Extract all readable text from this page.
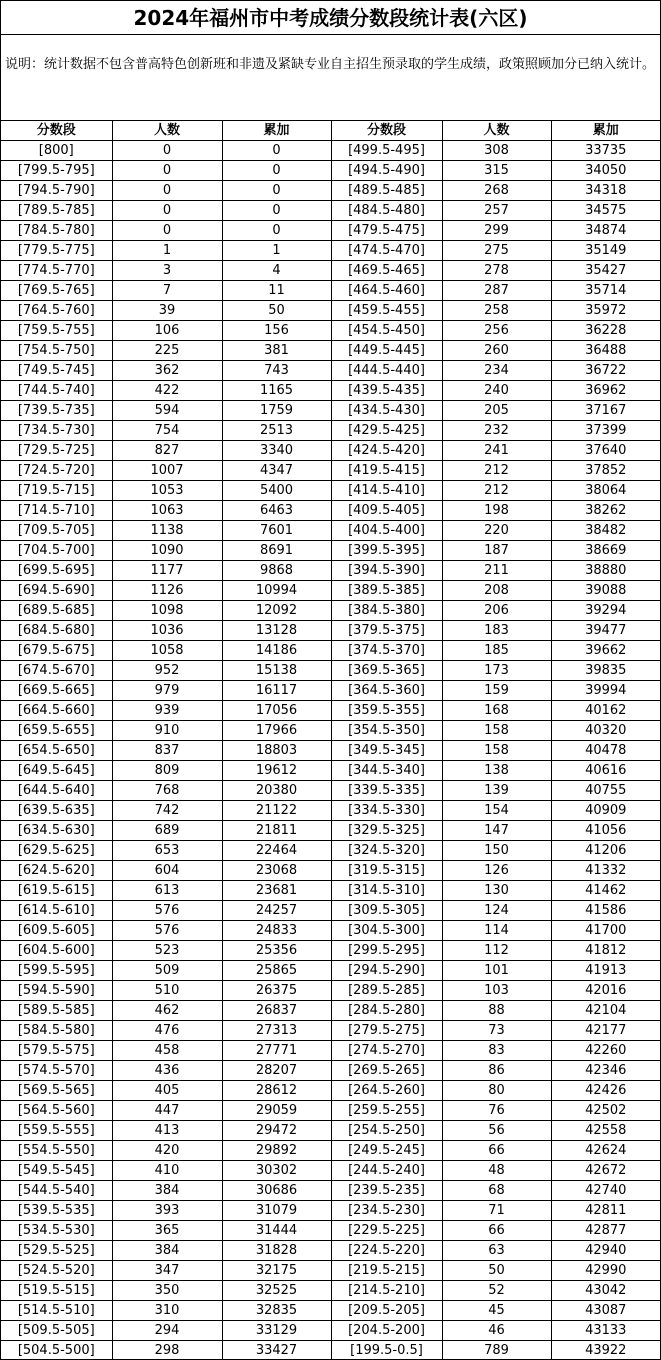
2024年福州市中考成绩分数段统计表(六区)
说明：统计数据不包含普高特色创新班和非遗及紧缺专业自主招生预录取的学生成绩，政策照顾加分已纳入统计。
分数段	人数	累加	分数段	人数	累加
[800]	0	0	[499.5-495]	308	33735
[799.5-795]	0	0	[494.5-490]	315	34050
[794.5-790]	0	0	[489.5-485]	268	34318
[789.5-785]	0	0	[484.5-480]	257	34575
[784.5-780]	0	0	[479.5-475]	299	34874
[779.5-775]	1	1	[474.5-470]	275	35149
[774.5-770]	3	4	[469.5-465]	278	35427
[769.5-765]	7	11	[464.5-460]	287	35714
[764.5-760]	39	50	[459.5-455]	258	35972
[759.5-755]	106	156	[454.5-450]	256	36228
[754.5-750]	225	381	[449.5-445]	260	36488
[749.5-745]	362	743	[444.5-440]	234	36722
[744.5-740]	422	1165	[439.5-435]	240	36962
[739.5-735]	594	1759	[434.5-430]	205	37167
[734.5-730]	754	2513	[429.5-425]	232	37399
[729.5-725]	827	3340	[424.5-420]	241	37640
[724.5-720]	1007	4347	[419.5-415]	212	37852
[719.5-715]	1053	5400	[414.5-410]	212	38064
[714.5-710]	1063	6463	[409.5-405]	198	38262
[709.5-705]	1138	7601	[404.5-400]	220	38482
[704.5-700]	1090	8691	[399.5-395]	187	38669
[699.5-695]	1177	9868	[394.5-390]	211	38880
[694.5-690]	1126	10994	[389.5-385]	208	39088
[689.5-685]	1098	12092	[384.5-380]	206	39294
[684.5-680]	1036	13128	[379.5-375]	183	39477
[679.5-675]	1058	14186	[374.5-370]	185	39662
[674.5-670]	952	15138	[369.5-365]	173	39835
[669.5-665]	979	16117	[364.5-360]	159	39994
[664.5-660]	939	17056	[359.5-355]	168	40162
[659.5-655]	910	17966	[354.5-350]	158	40320
[654.5-650]	837	18803	[349.5-345]	158	40478
[649.5-645]	809	19612	[344.5-340]	138	40616
[644.5-640]	768	20380	[339.5-335]	139	40755
[639.5-635]	742	21122	[334.5-330]	154	40909
[634.5-630]	689	21811	[329.5-325]	147	41056
[629.5-625]	653	22464	[324.5-320]	150	41206
[624.5-620]	604	23068	[319.5-315]	126	41332
[619.5-615]	613	23681	[314.5-310]	130	41462
[614.5-610]	576	24257	[309.5-305]	124	41586
[609.5-605]	576	24833	[304.5-300]	114	41700
[604.5-600]	523	25356	[299.5-295]	112	41812
[599.5-595]	509	25865	[294.5-290]	101	41913
[594.5-590]	510	26375	[289.5-285]	103	42016
[589.5-585]	462	26837	[284.5-280]	88	42104
[584.5-580]	476	27313	[279.5-275]	73	42177
[579.5-575]	458	27771	[274.5-270]	83	42260
[574.5-570]	436	28207	[269.5-265]	86	42346
[569.5-565]	405	28612	[264.5-260]	80	42426
[564.5-560]	447	29059	[259.5-255]	76	42502
[559.5-555]	413	29472	[254.5-250]	56	42558
[554.5-550]	420	29892	[249.5-245]	66	42624
[549.5-545]	410	30302	[244.5-240]	48	42672
[544.5-540]	384	30686	[239.5-235]	68	42740
[539.5-535]	393	31079	[234.5-230]	71	42811
[534.5-530]	365	31444	[229.5-225]	66	42877
[529.5-525]	384	31828	[224.5-220]	63	42940
[524.5-520]	347	32175	[219.5-215]	50	42990
[519.5-515]	350	32525	[214.5-210]	52	43042
[514.5-510]	310	32835	[209.5-205]	45	43087
[509.5-505]	294	33129	[204.5-200]	46	43133
[504.5-500]	298	33427	[199.5-0.5]	789	43922
